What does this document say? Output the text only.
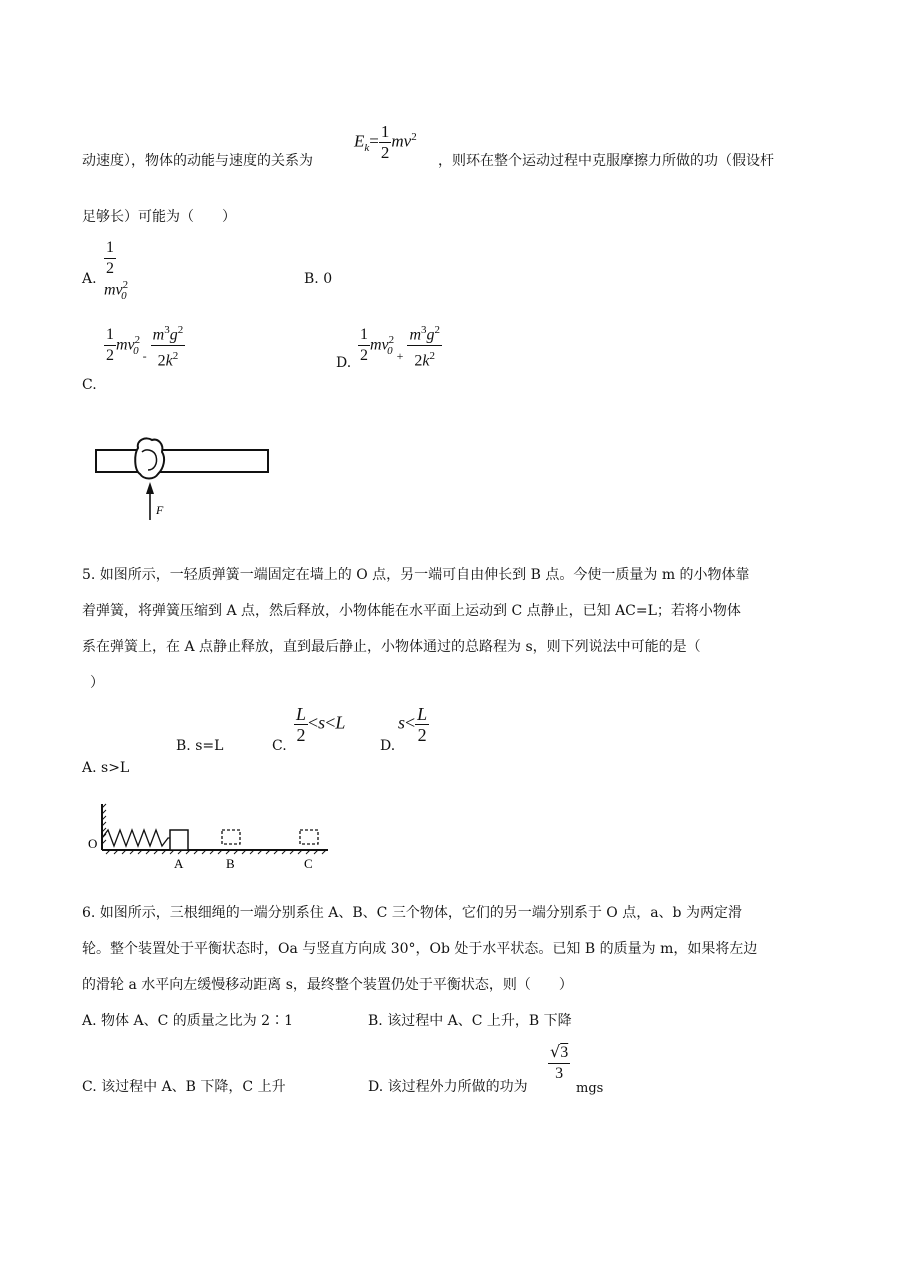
动速度），物体的动能与速度的关系为
$E_k= \frac{1}{2} mv^2$
，则环在整个运动过程中克服摩擦力所做的功（假设杆
足够长）可能为（　　）
$\frac{1}{2}$
$mv^2_0$
A.	B. 0
$\frac{1}{2} mv^2_0$ $_- \frac{m^3g^2}{2k^2}$
C.
D. $\frac{1}{2} mv^2_0$ $_+ \frac{m^3g^2}{2k^2}$
F
5. 如图所示，一轻质弹簧一端固定在墙上的 O 点，另一端可自由伸长到 B 点。今使一质量为 m 的小物体靠
着弹簧，将弹簧压缩到 A 点，然后释放，小物体能在水平面上运动到 C 点静止，已知 AC=L；若将小物体
系在弹簧上，在 A 点静止释放，直到最后静止，小物体通过的总路程为 s，则下列说法中可能的是（
）
B. s=L	C.
$\frac{L}{2} <s<L$
D.
$s< \frac{L}{2}$
A. s>L
O
A	B	C
6. 如图所示，三根细绳的一端分别系住 A、B、C 三个物体，它们的另一端分别系于 O 点，a、b 为两定滑
轮。整个装置处于平衡状态时，Oa 与竖直方向成 30°，Ob 处于水平状态。已知 B 的质量为 m，如果将左边
的滑轮 a 水平向左缓慢移动距离 s，最终整个装置仍处于平衡状态，则（　　）
A. 物体 A、C 的质量之比为 2∶1	B. 该过程中 A、C 上升，B 下降
C. 该过程中 A、B 下降，C 上升	D. 该过程外力所做的功为
$\frac{√3}{3}$
mgs
